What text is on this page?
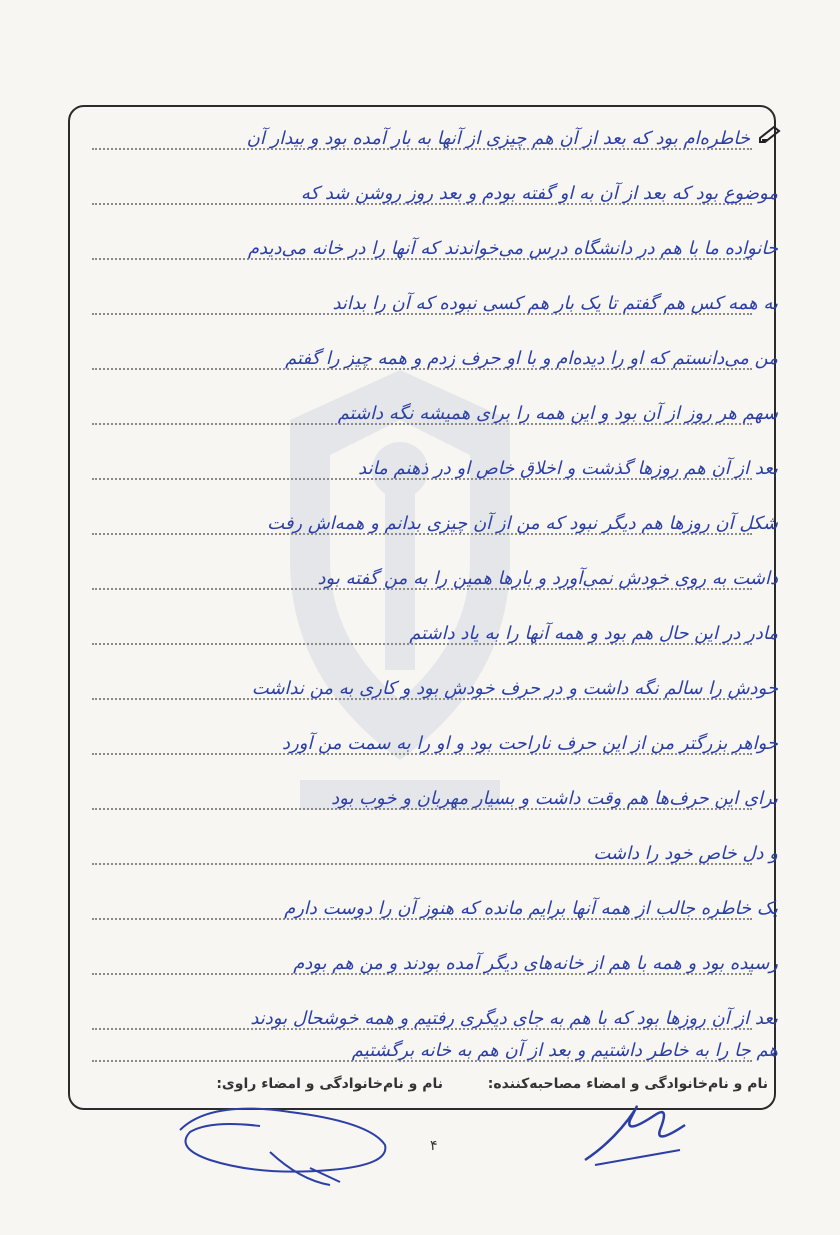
خاطره‌ام بود که بعد از آن هم چیزی از آنها به بار آمده بود و بیدار آن
موضوع بود که بعد از آن به او گفته بودم و بعد روز روشن شد که
خانواده ما با هم در دانشگاه درس می‌خواندند که آنها را در خانه می‌دیدم
به همه کس هم گفتم تا یک بار هم کسی نبوده که آن را بداند
من می‌دانستم که او را دیده‌ام و با او حرف زدم و همه چیز را گفتم
سهم هر روز از آن بود و این همه را برای همیشه نگه داشتم
بعد از آن هم روزها گذشت و اخلاق خاص او در ذهنم ماند
شکل آن روزها هم دیگر نبود که من از آن چیزی بدانم و همه‌اش رفت
داشت به روی خودش نمی‌آورد و بارها همین را به من گفته بود
مادر در این حال هم بود و همه آنها را به یاد داشتم
خودش را سالم نگه داشت و در حرف خودش بود و کاری به من نداشت
خواهر بزرگتر من از این حرف ناراحت بود و او را به سمت من آورد
برای این حرف‌ها هم وقت داشت و بسیار مهربان و خوب بود
و دل خاص خود را داشت
یک خاطره جالب از همه آنها برایم مانده که هنوز آن را دوست دارم
رسیده بود و همه با هم از خانه‌های دیگر آمده بودند و من هم بودم
بعد از آن روزها بود که با هم به جای دیگری رفتیم و همه خوشحال بودند
هم جا را به خاطر داشتیم و بعد از آن هم به خانه برگشتیم
نام و نام‌خانوادگی و امضاء مصاحبه‌کننده:
نام و نام‌خانوادگی و امضاء راوی:
۴
